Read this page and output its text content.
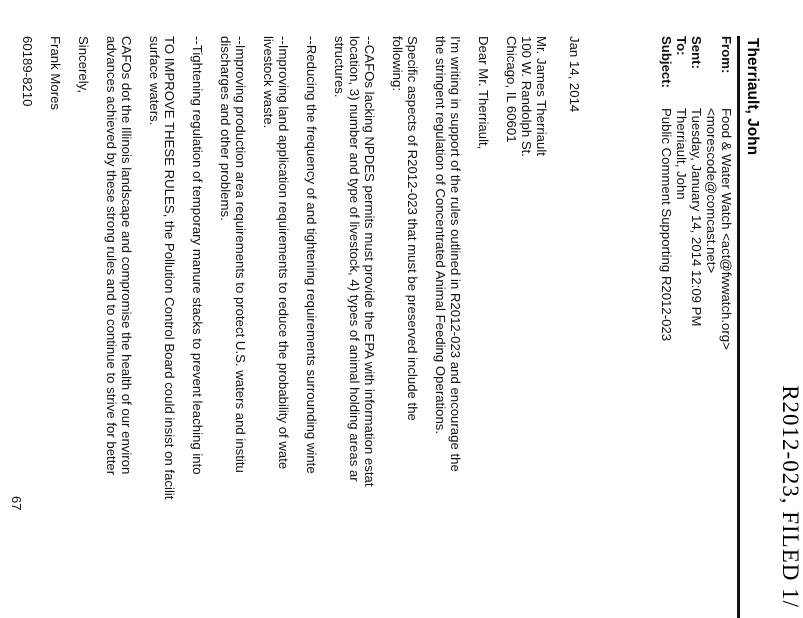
R2012-023, FILED 1/
Therriault, John
From:
Food & Water Watch <act@fwwatch.org>
<morescode@comcast.net>
Sent:
Tuesday, January 14, 2014 12:09 PM
To:
Therriault, John
Subject:
Public Comment Supporting R2012-023

Jan 14, 2014

Mr. James Therriault

100 W. Randolph St.

Chicago, IL 60601

Dear Mr. Therriault,

I'm writing in support of the rules outlined in R2012-023 and encourage the

the stringent regulation of Concentrated Animal Feeding Operations.

Specific aspects of R2012-023 that must be preserved include the

following:

--CAFOs lacking NPDES permits must provide the EPA with information estat

location, 3) number and type of livestock, 4) types of animal holding areas ar

structures.

--Reducing the frequency of and tightening requirements surrounding winte

--Improving land application requirements to reduce the probability of wate

livestock waste.

--Improving production area requirements to protect U.S. waters and institu

discharges and other problems.

--Tightening regulation of temporary manure stacks to prevent leaching into

TO IMPROVE THESE RULES, the Pollution Control Board could insist on facilit

surface waters.

CAFOs dot the Illinois landscape and compromise the health of our environ

advances achieved by these strong rules and to continue to strive for better

Sincerely,

Frank Mores

60189-8210

67
